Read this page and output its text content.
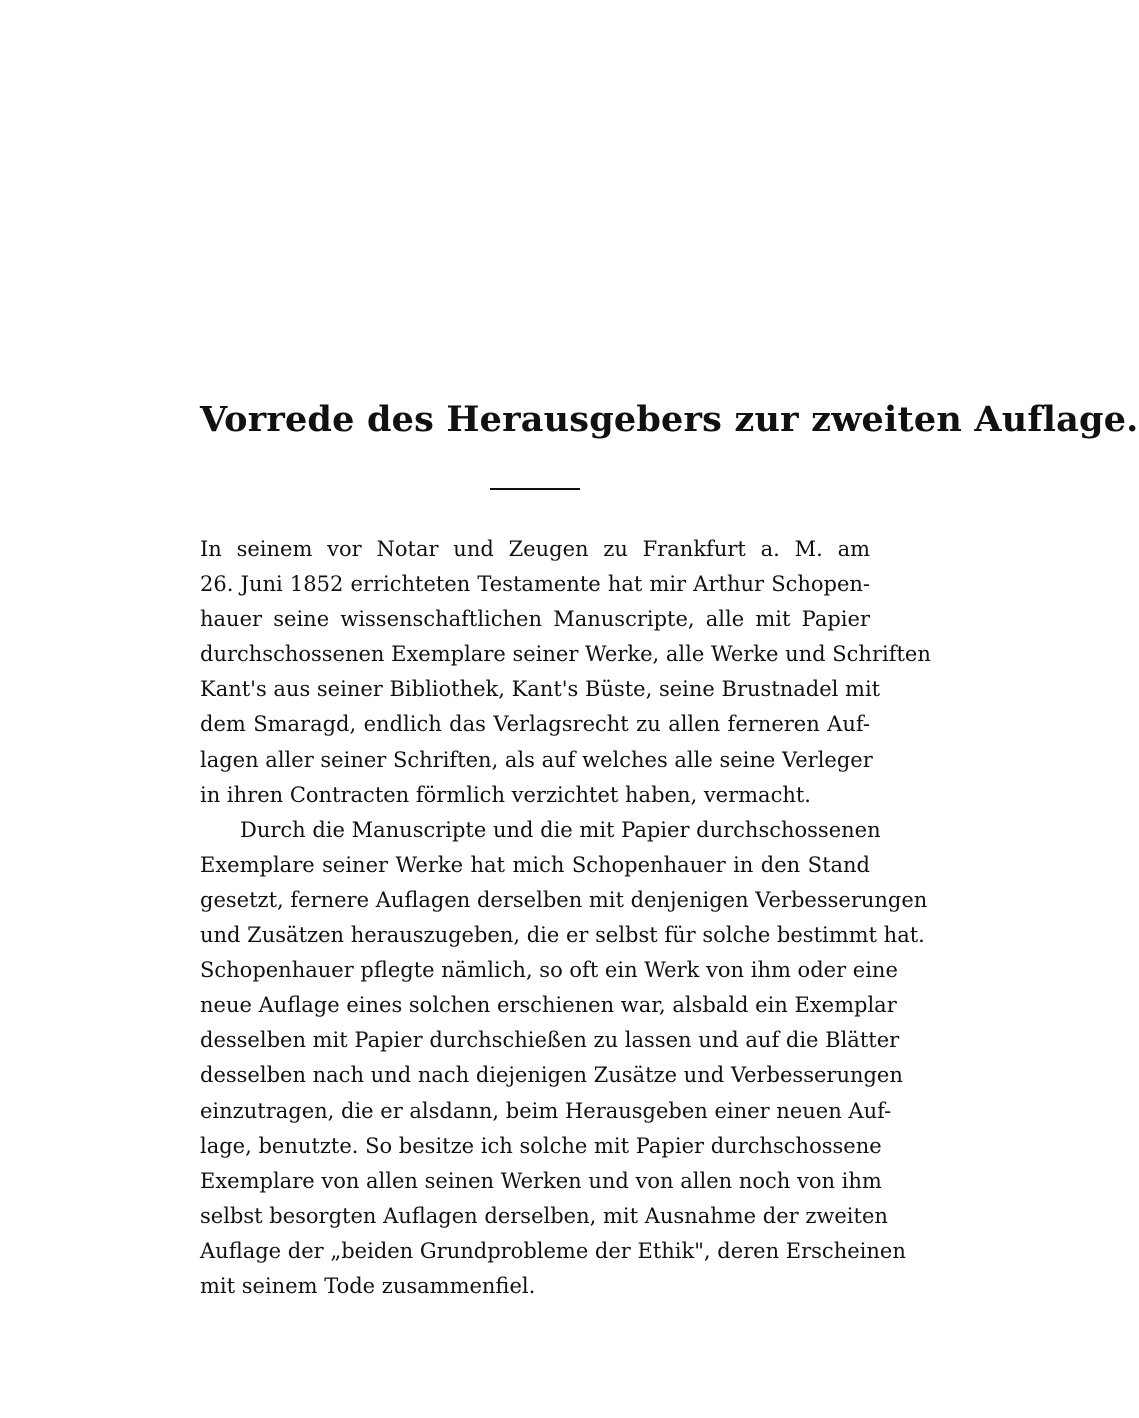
Vorrede des Herausgebers zur zweiten Auflage.
In seinem vor Notar und Zeugen zu Frankfurt a. M. am
26. Juni 1852 errichteten Testamente hat mir Arthur Schopen-
hauer seine wissenschaftlichen Manuscripte, alle mit Papier
durchschossenen Exemplare seiner Werke, alle Werke und Schriften
Kant's aus seiner Bibliothek, Kant's Büste, seine Brustnadel mit
dem Smaragd, endlich das Verlagsrecht zu allen ferneren Auf-
lagen aller seiner Schriften, als auf welches alle seine Verleger
in ihren Contracten förmlich verzichtet haben, vermacht.
Durch die Manuscripte und die mit Papier durchschossenen
Exemplare seiner Werke hat mich Schopenhauer in den Stand
gesetzt, fernere Auflagen derselben mit denjenigen Verbesserungen
und Zusätzen herauszugeben, die er selbst für solche bestimmt hat.
Schopenhauer pflegte nämlich, so oft ein Werk von ihm oder eine
neue Auflage eines solchen erschienen war, alsbald ein Exemplar
desselben mit Papier durchschießen zu lassen und auf die Blätter
desselben nach und nach diejenigen Zusätze und Verbesserungen
einzutragen, die er alsdann, beim Herausgeben einer neuen Auf-
lage, benutzte. So besitze ich solche mit Papier durchschossene
Exemplare von allen seinen Werken und von allen noch von ihm
selbst besorgten Auflagen derselben, mit Ausnahme der zweiten
Auflage der „beiden Grundprobleme der Ethik", deren Erscheinen
mit seinem Tode zusammenfiel.
